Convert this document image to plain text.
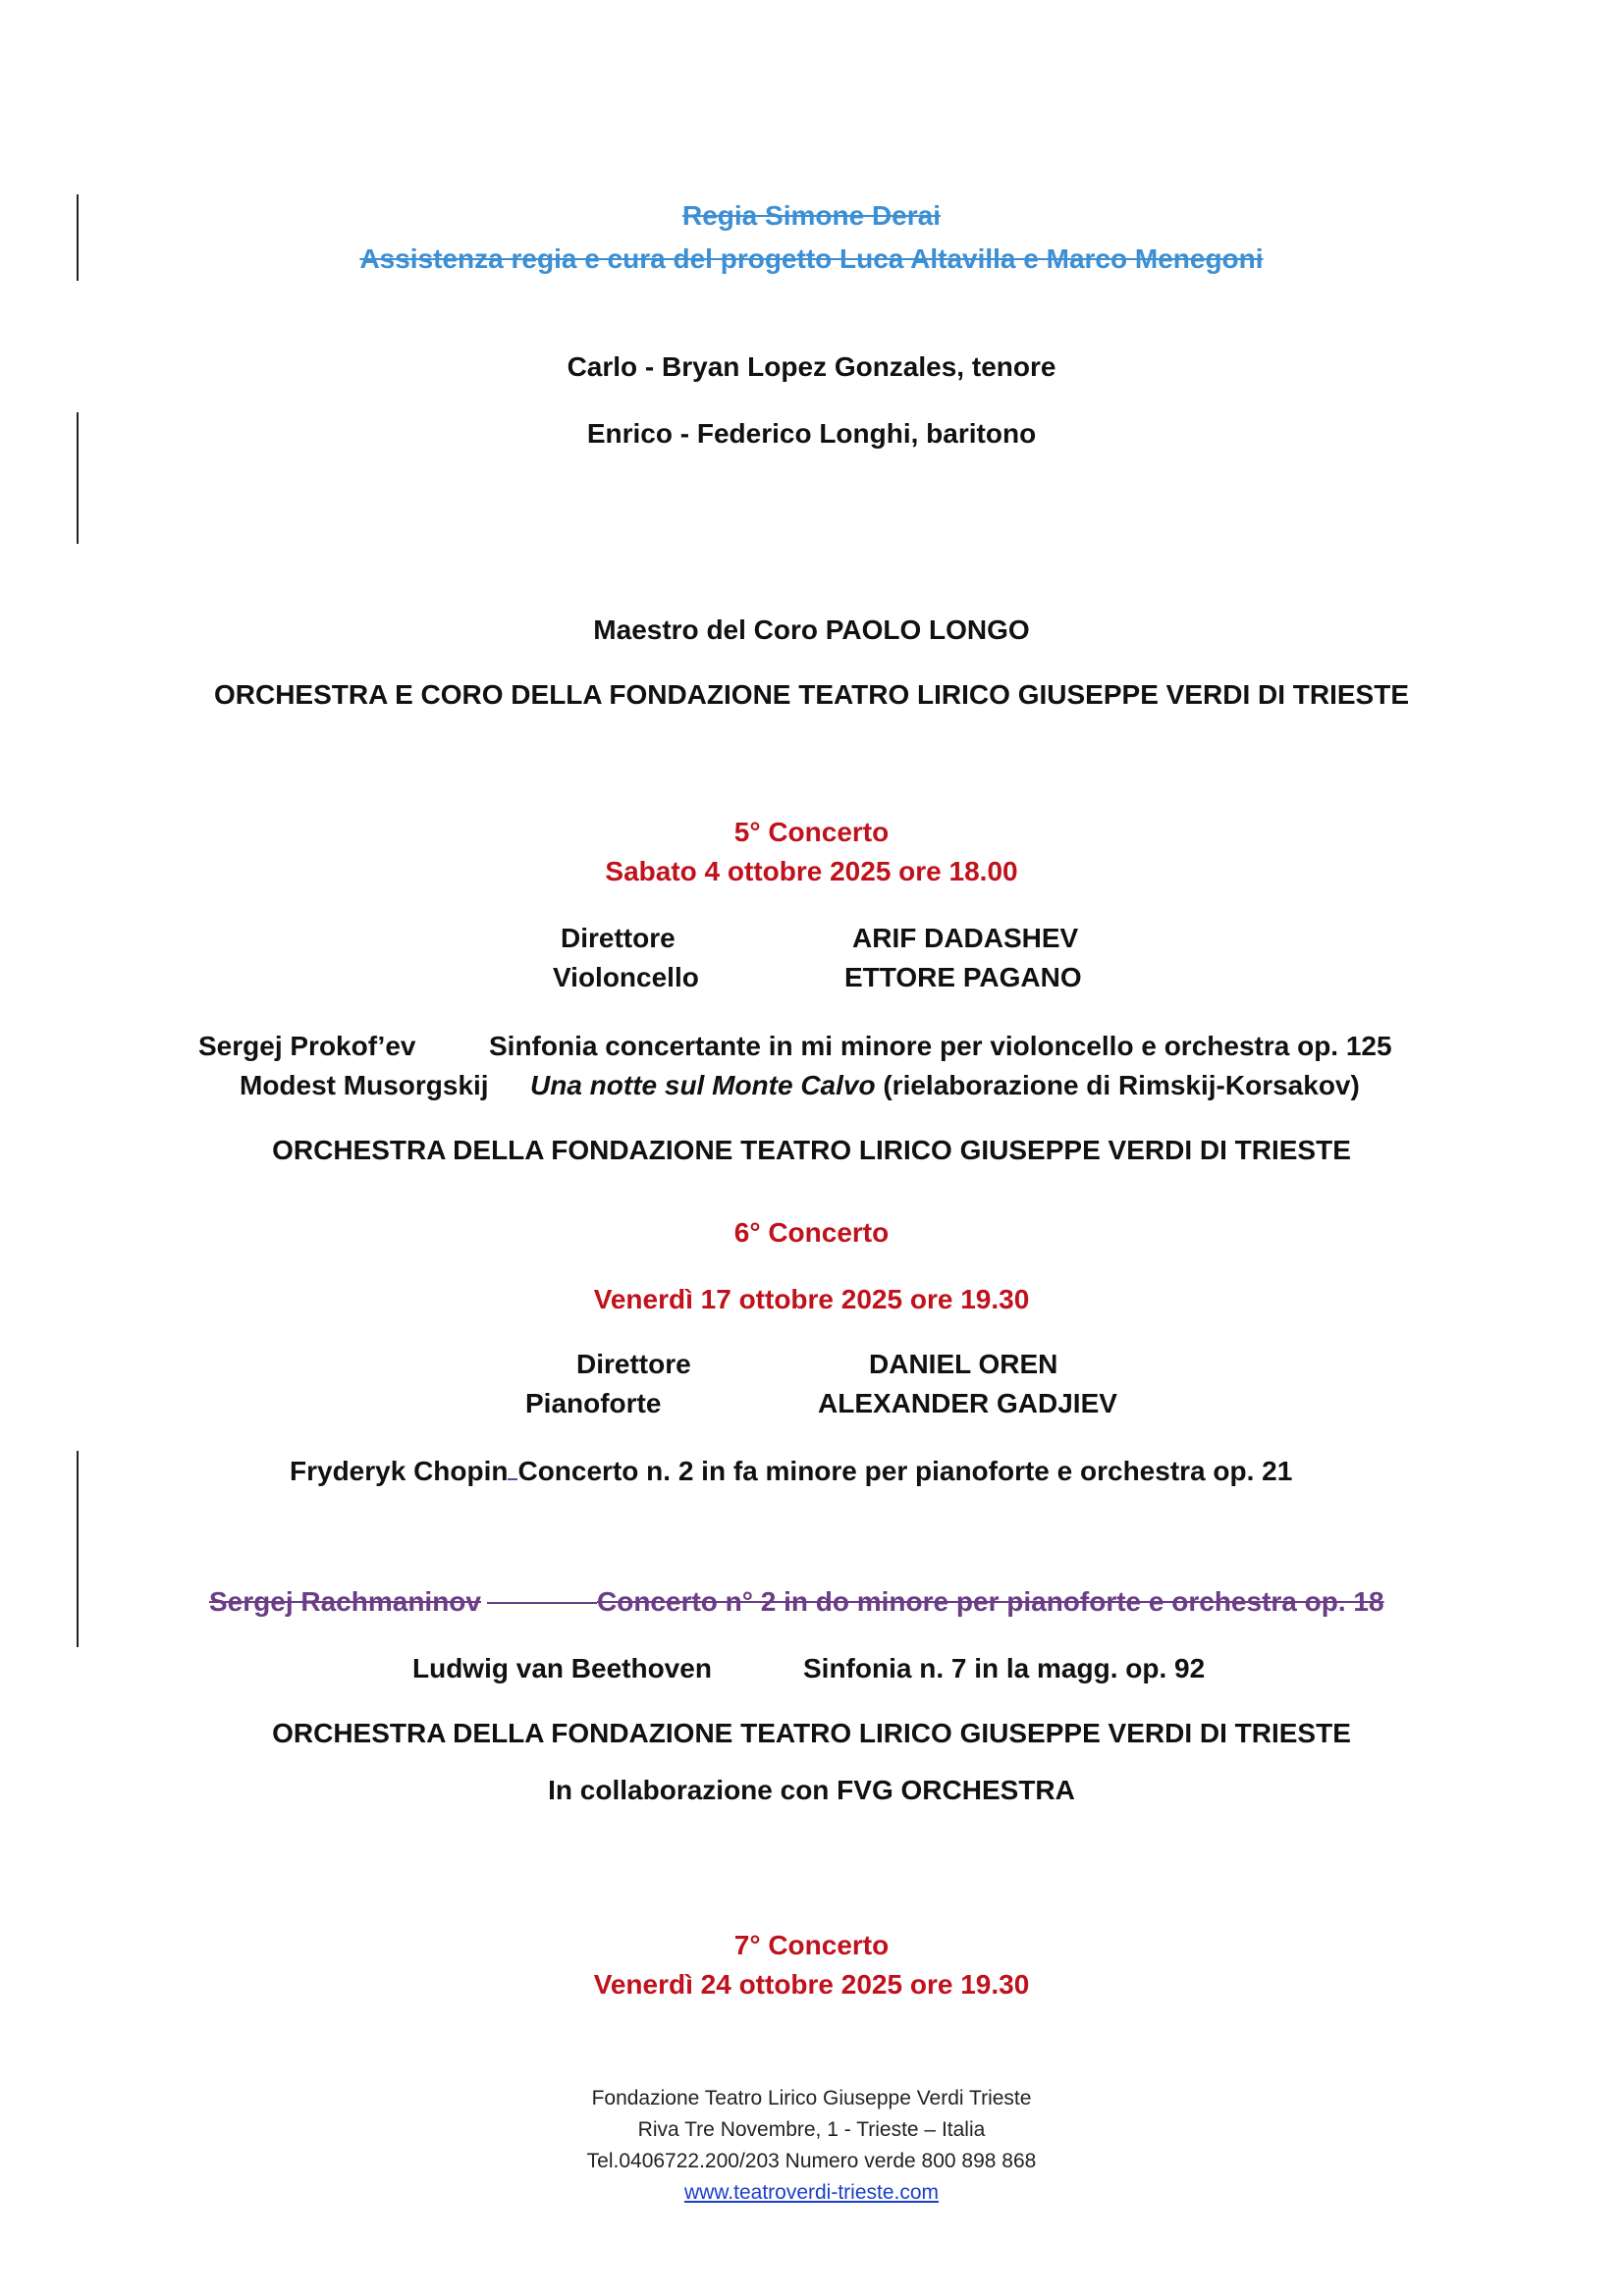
Regia Simone Derai
Assistenza regia e cura del progetto Luca Altavilla e Marco Menegoni
Carlo - Bryan Lopez Gonzales, tenore
Enrico - Federico Longhi, baritono
Maestro del Coro PAOLO LONGO
ORCHESTRA E CORO DELLA FONDAZIONE TEATRO LIRICO GIUSEPPE VERDI DI TRIESTE
5° Concerto
Sabato 4 ottobre 2025 ore 18.00
Direttore	ARIF DADASHEV
Violoncello	ETTORE PAGANO
Sergej Prokof’ev	Sinfonia concertante in mi minore per violoncello e orchestra op. 125
Modest Musorgskij Una notte sul Monte Calvo (rielaborazione di Rimskij-Korsakov)
ORCHESTRA DELLA FONDAZIONE TEATRO LIRICO GIUSEPPE VERDI DI TRIESTE
6° Concerto
Venerdì 17 ottobre 2025 ore 19.30
Direttore	DANIEL OREN
Pianoforte	ALEXANDER GADJIEV
Fryderyk Chopin Concerto n. 2 in fa minore per pianoforte e orchestra op. 21
Sergej Rachmaninov	Concerto n° 2 in do minore per pianoforte e orchestra op. 18
Ludwig van Beethoven	Sinfonia n. 7 in la magg. op. 92
ORCHESTRA DELLA FONDAZIONE TEATRO LIRICO GIUSEPPE VERDI DI TRIESTE
In collaborazione con FVG ORCHESTRA
7° Concerto
Venerdì 24 ottobre 2025 ore 19.30
Fondazione Teatro Lirico Giuseppe Verdi Trieste
Riva Tre Novembre, 1 - Trieste – Italia
Tel.0406722.200/203 Numero verde 800 898 868
www.teatroverdi-trieste.com
